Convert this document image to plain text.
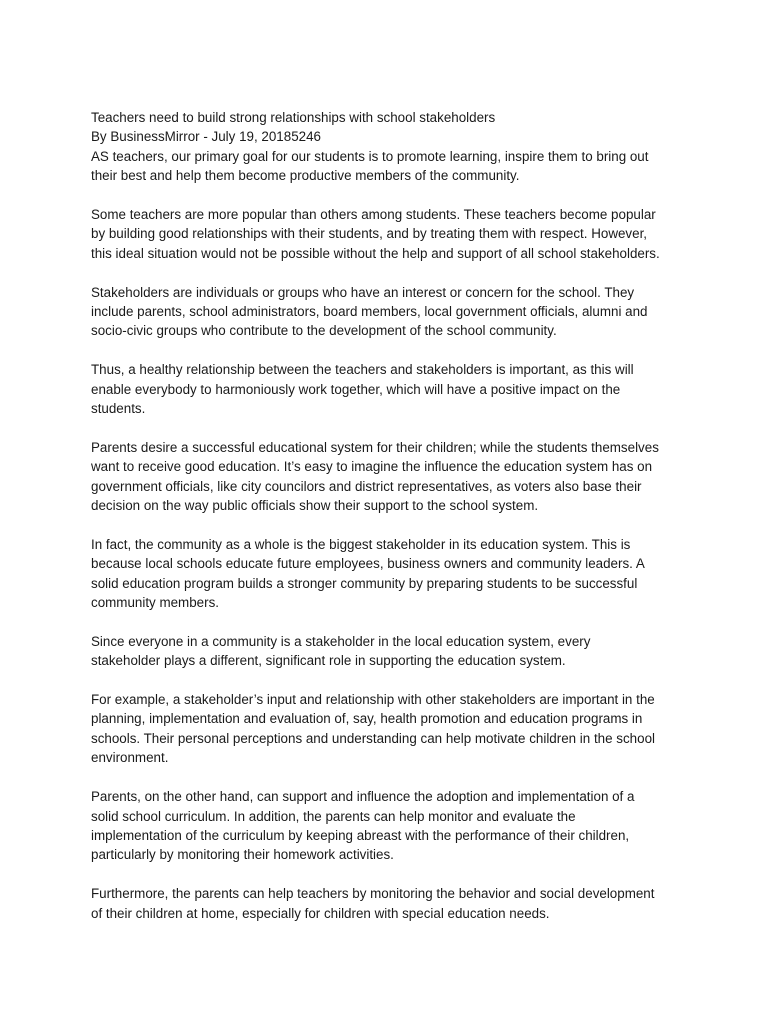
Teachers need to build strong relationships with school stakeholders
By BusinessMirror - July 19, 20185246
AS teachers, our primary goal for our students is to promote learning, inspire them to bring out
their best and help them become productive members of the community.
Some teachers are more popular than others among students. These teachers become popular
by building good relationships with their students, and by treating them with respect. However,
this ideal situation would not be possible without the help and support of all school stakeholders.
Stakeholders are individuals or groups who have an interest or concern for the school. They
include parents, school administrators, board members, local government officials, alumni and
socio-civic groups who contribute to the development of the school community.
Thus, a healthy relationship between the teachers and stakeholders is important, as this will
enable everybody to harmoniously work together, which will have a positive impact on the
students.
Parents desire a successful educational system for their children; while the students themselves
want to receive good education. It’s easy to imagine the influence the education system has on
government officials, like city councilors and district representatives, as voters also base their
decision on the way public officials show their support to the school system.
In fact, the community as a whole is the biggest stakeholder in its education system. This is
because local schools educate future employees, business owners and community leaders. A
solid education program builds a stronger community by preparing students to be successful
community members.
Since everyone in a community is a stakeholder in the local education system, every
stakeholder plays a different, significant role in supporting the education system.
For example, a stakeholder’s input and relationship with other stakeholders are important in the
planning, implementation and evaluation of, say, health promotion and education programs in
schools. Their personal perceptions and understanding can help motivate children in the school
environment.
Parents, on the other hand, can support and influence the adoption and implementation of a
solid school curriculum. In addition, the parents can help monitor and evaluate the
implementation of the curriculum by keeping abreast with the performance of their children,
particularly by monitoring their homework activities.
Furthermore, the parents can help teachers by monitoring the behavior and social development
of their children at home, especially for children with special education needs.
